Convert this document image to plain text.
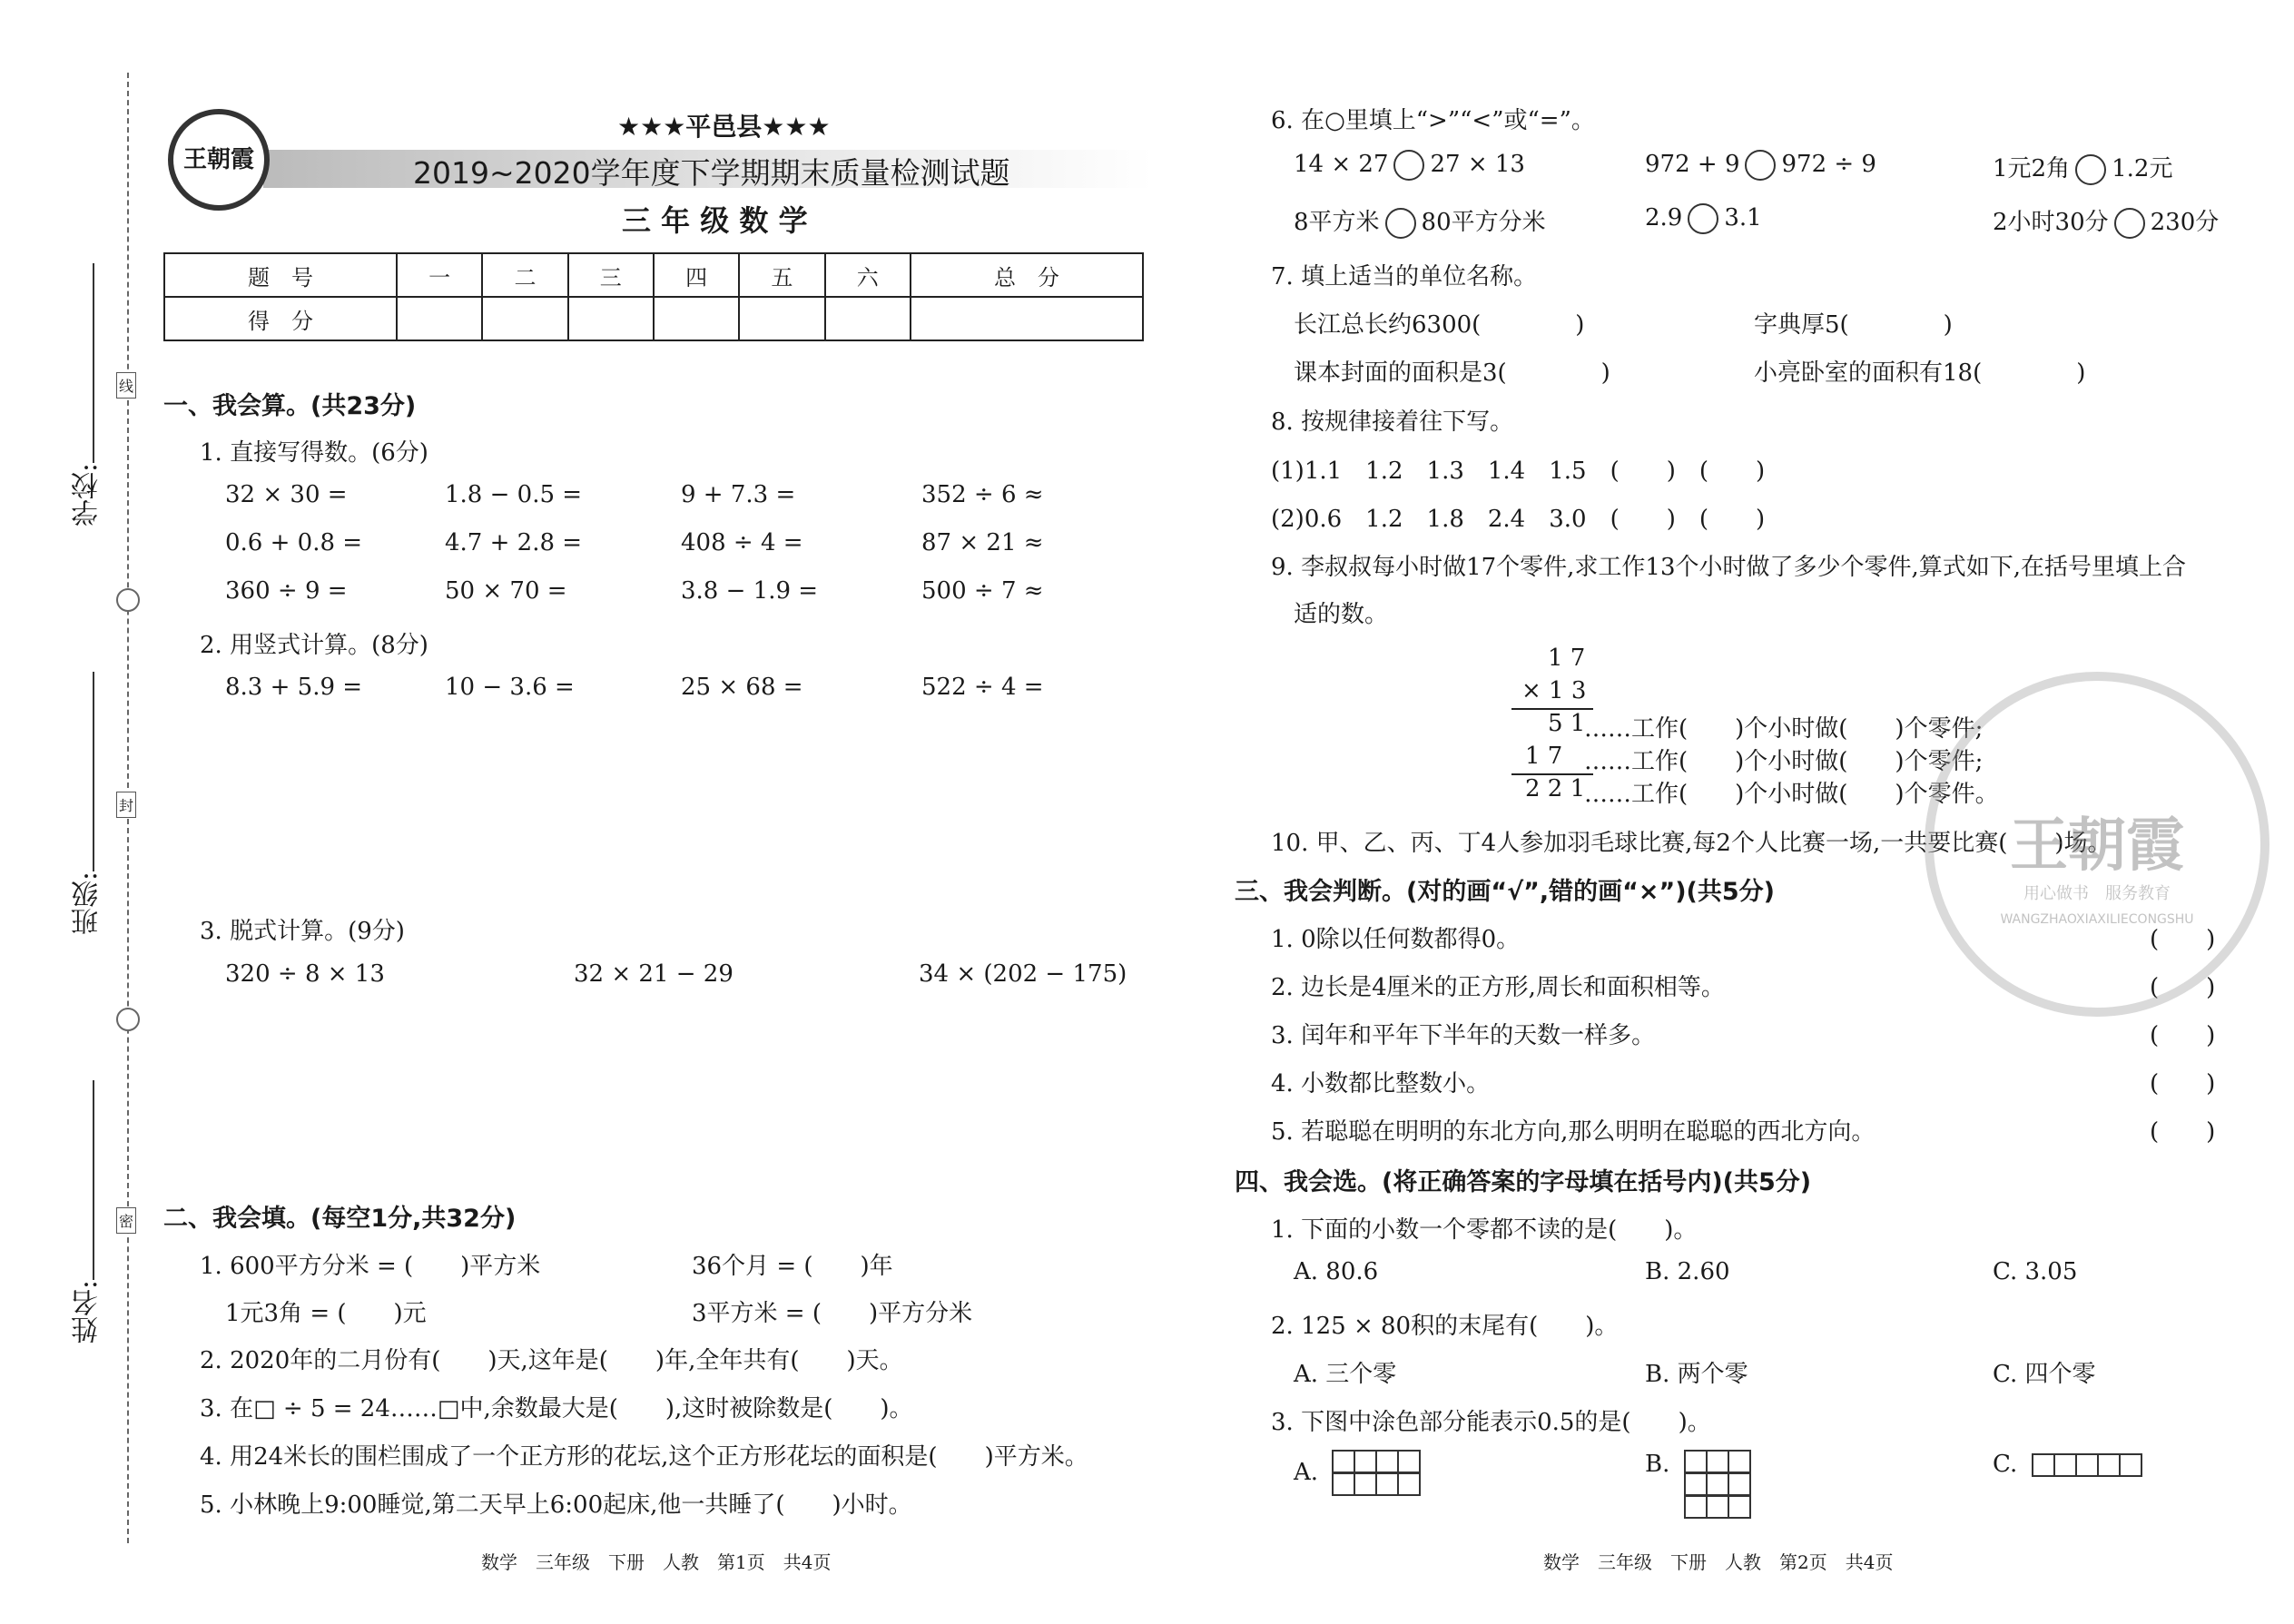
学校:
班级:
姓名:
线
封
密
王朝霞
★★★平邑县★★★
2019~2020学年度下学期期末质量检测试题
三 年 级 数 学
题　号	一	二	三	四	五	六	总　分
得　分							
一、我会算。(共23分)
1. 直接写得数。(6分)
32 × 30 =	1.8 − 0.5 =	9 + 7.3 =	352 ÷ 6 ≈
0.6 + 0.8 =	4.7 + 2.8 =	408 ÷ 4 =	87 × 21 ≈
360 ÷ 9 =	50 × 70 =	3.8 − 1.9 =	500 ÷ 7 ≈
2. 用竖式计算。(8分)
8.3 + 5.9 =	10 − 3.6 =	25 × 68 =	522 ÷ 4 =
3. 脱式计算。(9分)
320 ÷ 8 × 13	32 × 21 − 29	34 × (202 − 175)
二、我会填。(每空1分,共32分)
1. 600平方分米 = (　　)平方米	36个月 = (　　)年
1元3角 = (　　)元	3平方米 = (　　)平方分米
2. 2020年的二月份有(　　)天,这年是(　　)年,全年共有(　　)天。
3. 在□ ÷ 5 = 24……□中,余数最大是(　　),这时被除数是(　　)。
4. 用24米长的围栏围成了一个正方形的花坛,这个正方形花坛的面积是(　　)平方米。
5. 小林晚上9:00睡觉,第二天早上6:00起床,他一共睡了(　　)小时。
数学　三年级　下册　人教　第1页　共4页
6. 在○里填上“>”“<”或“=”。
14 × 27 27 × 13	972 + 9 972 ÷ 9	1元2角 1.2元
8平方米 80平方分米	2.9 3.1	2小时30分 230分
7. 填上适当的单位名称。
长江总长约6300(　　　　)	字典厚5(　　　　)
课本封面的面积是3(　　　　)	小亮卧室的面积有18(　　　　)
8. 按规律接着往下写。
(1)1.1　1.2　1.3　1.4　1.5　(　　)　(　　)
(2)0.6　1.2　1.8　2.4　3.0　(　　)　(　　)
9. 李叔叔每小时做17个零件,求工作13个小时做了多少个零件,算式如下,在括号里填上合
适的数。
1 7
× 1 3
5 1
……工作(　　)个小时做(　　)个零件;
1 7 ……工作(　　)个小时做(　　)个零件;
2 2 1
……工作(　　)个小时做(　　)个零件。
10. 甲、乙、丙、丁4人参加羽毛球比赛,每2个人比赛一场,一共要比赛(　　)场。
三、我会判断。(对的画“√”,错的画“×”)(共5分)
1. 0除以任何数都得0。	(　　)
2. 边长是4厘米的正方形,周长和面积相等。	(　　)
3. 闰年和平年下半年的天数一样多。	(　　)
4. 小数都比整数小。	(　　)
5. 若聪聪在明明的东北方向,那么明明在聪聪的西北方向。	(　　)
四、我会选。(将正确答案的字母填在括号内)(共5分)
1. 下面的小数一个零都不读的是(　　)。
A. 80.6	B. 2.60	C. 3.05
2. 125 × 80积的末尾有(　　)。
A. 三个零	B. 两个零	C. 四个零
3. 下图中涂色部分能表示0.5的是(　　)。
A.	B.	C.
WANGZHAOXIAXILIECONGSHU
王朝霞
用心做书　服务教育
数学　三年级　下册　人教　第2页　共4页
